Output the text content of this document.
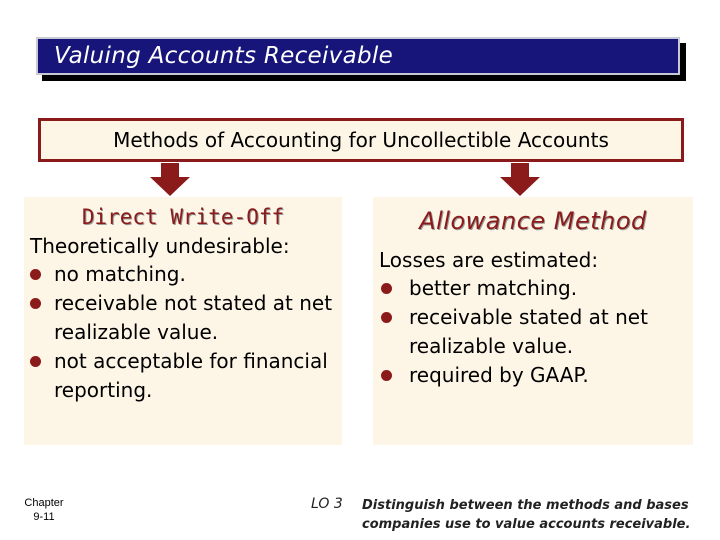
Valuing Accounts Receivable
Methods of Accounting for Uncollectible Accounts
Direct Write-Off
Theoretically undesirable:
no matching.
receivable not stated at net realizable value.
not acceptable for financial reporting.
Allowance Method
Losses are estimated:
better matching.
receivable stated at net realizable value.
required by GAAP.
Chapter
9-11
LO 3 Distinguish between the methods and bases companies use to value accounts receivable.
